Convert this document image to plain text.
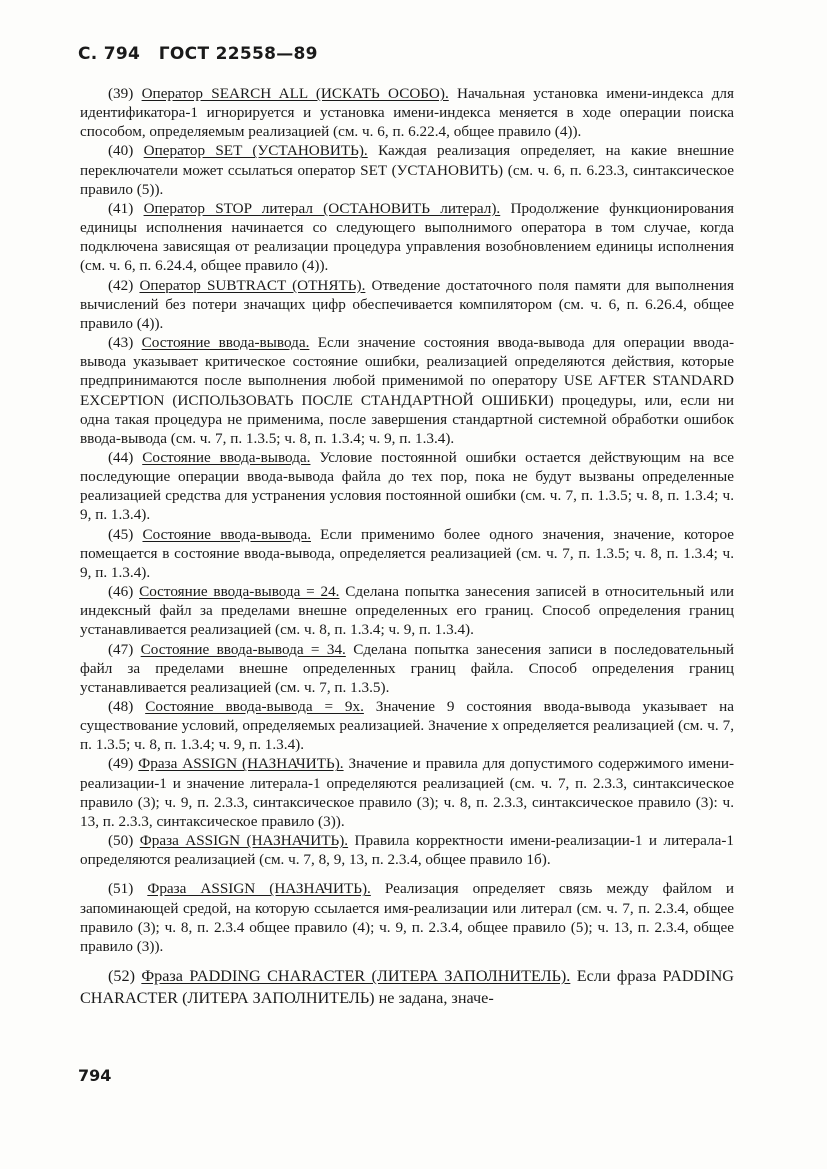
С. 794 ГОСТ 22558—89

(39) Оператор SEARCH ALL (ИСКАТЬ ОСОБО). Начальная установка имени-индекса для идентификатора-1 игнорируется и установка имени-индекса меняется в ходе операции поиска способом, определяемым реализацией (см. ч. 6, п. 6.22.4, общее правило (4)).

(40) Оператор SET (УСТАНОВИТЬ). Каждая реализация определяет, на какие внешние переключатели может ссылаться оператор SET (УСТАНОВИТЬ) (см. ч. 6, п. 6.23.3, синтаксическое правило (5)).

(41) Оператор STOP литерал (ОСТАНОВИТЬ литерал). Продолжение функционирования единицы исполнения начинается со следующего выполнимого оператора в том случае, когда подключена зависящая от реализации процедура управления возобновлением единицы исполнения (см. ч. 6, п. 6.24.4, общее правило (4)).

(42) Оператор SUBTRACT (ОТНЯТЬ). Отведение достаточного поля памяти для выполнения вычислений без потери значащих цифр обеспечивается компилятором (см. ч. 6, п. 6.26.4, общее правило (4)).

(43) Состояние ввода-вывода. Если значение состояния ввода-вывода для операции ввода-вывода указывает критическое состояние ошибки, реализацией определяются действия, которые предпринимаются после выполнения любой применимой по оператору USE AFTER STANDARD EXCEPTION (ИСПОЛЬЗОВАТЬ ПОСЛЕ СТАНДАРТНОЙ ОШИБКИ) процедуры, или, если ни одна такая процедура не применима, после завершения стандартной системной обработки ошибок ввода-вывода (см. ч. 7, п. 1.3.5; ч. 8, п. 1.3.4; ч. 9, п. 1.3.4).

(44) Состояние ввода-вывода. Условие постоянной ошибки остается действующим на все последующие операции ввода-вывода файла до тех пор, пока не будут вызваны определенные реализацией средства для устранения условия постоянной ошибки (см. ч. 7, п. 1.3.5; ч. 8, п. 1.3.4; ч. 9, п. 1.3.4).

(45) Состояние ввода-вывода. Если применимо более одного значения, значение, которое помещается в состояние ввода-вывода, определяется реализацией (см. ч. 7, п. 1.3.5; ч. 8, п. 1.3.4; ч. 9, п. 1.3.4).

(46) Состояние ввода-вывода = 24. Сделана попытка занесения записей в относительный или индексный файл за пределами внешне определенных его границ. Способ определения границ устанавливается реализацией (см. ч. 8, п. 1.3.4; ч. 9, п. 1.3.4).

(47) Состояние ввода-вывода = 34. Сделана попытка занесения записи в последовательный файл за пределами внешне определенных границ файла. Способ определения границ устанавливается реализацией (см. ч. 7, п. 1.3.5).

(48) Состояние ввода-вывода = 9х. Значение 9 состояния ввода-вывода указывает на существование условий, определяемых реализацией. Значение х определяется реализацией (см. ч. 7, п. 1.3.5; ч. 8, п. 1.3.4; ч. 9, п. 1.3.4).

(49) Фраза ASSIGN (НАЗНАЧИТЬ). Значение и правила для допустимого содержимого имени-реализации-1 и значение литерала-1 определяются реализацией (см. ч. 7, п. 2.3.3, синтаксическое правило (3); ч. 9, п. 2.3.3, синтаксическое правило (3); ч. 8, п. 2.3.3, синтаксическое правило (3): ч. 13, п. 2.3.3, синтаксическое правило (3)).

(50) Фраза ASSIGN (НАЗНАЧИТЬ). Правила корректности имени-реализации-1 и литерала-1 определяются реализацией (см. ч. 7, 8, 9, 13, п. 2.3.4, общее правило 1б).

(51) Фраза ASSIGN (НАЗНАЧИТЬ). Реализация определяет связь между файлом и запоминающей средой, на которую ссылается имя-реализации или литерал (см. ч. 7, п. 2.3.4, общее правило (3); ч. 8, п. 2.3.4 общее правило (4); ч. 9, п. 2.3.4, общее правило (5); ч. 13, п. 2.3.4, общее правило (3)).

(52) Фраза PADDING CHARACTER (ЛИТЕРА ЗАПОЛНИТЕЛЬ). Если фраза PADDING CHARACTER (ЛИТЕРА ЗАПОЛНИТЕЛЬ) не задана, значе-

794
